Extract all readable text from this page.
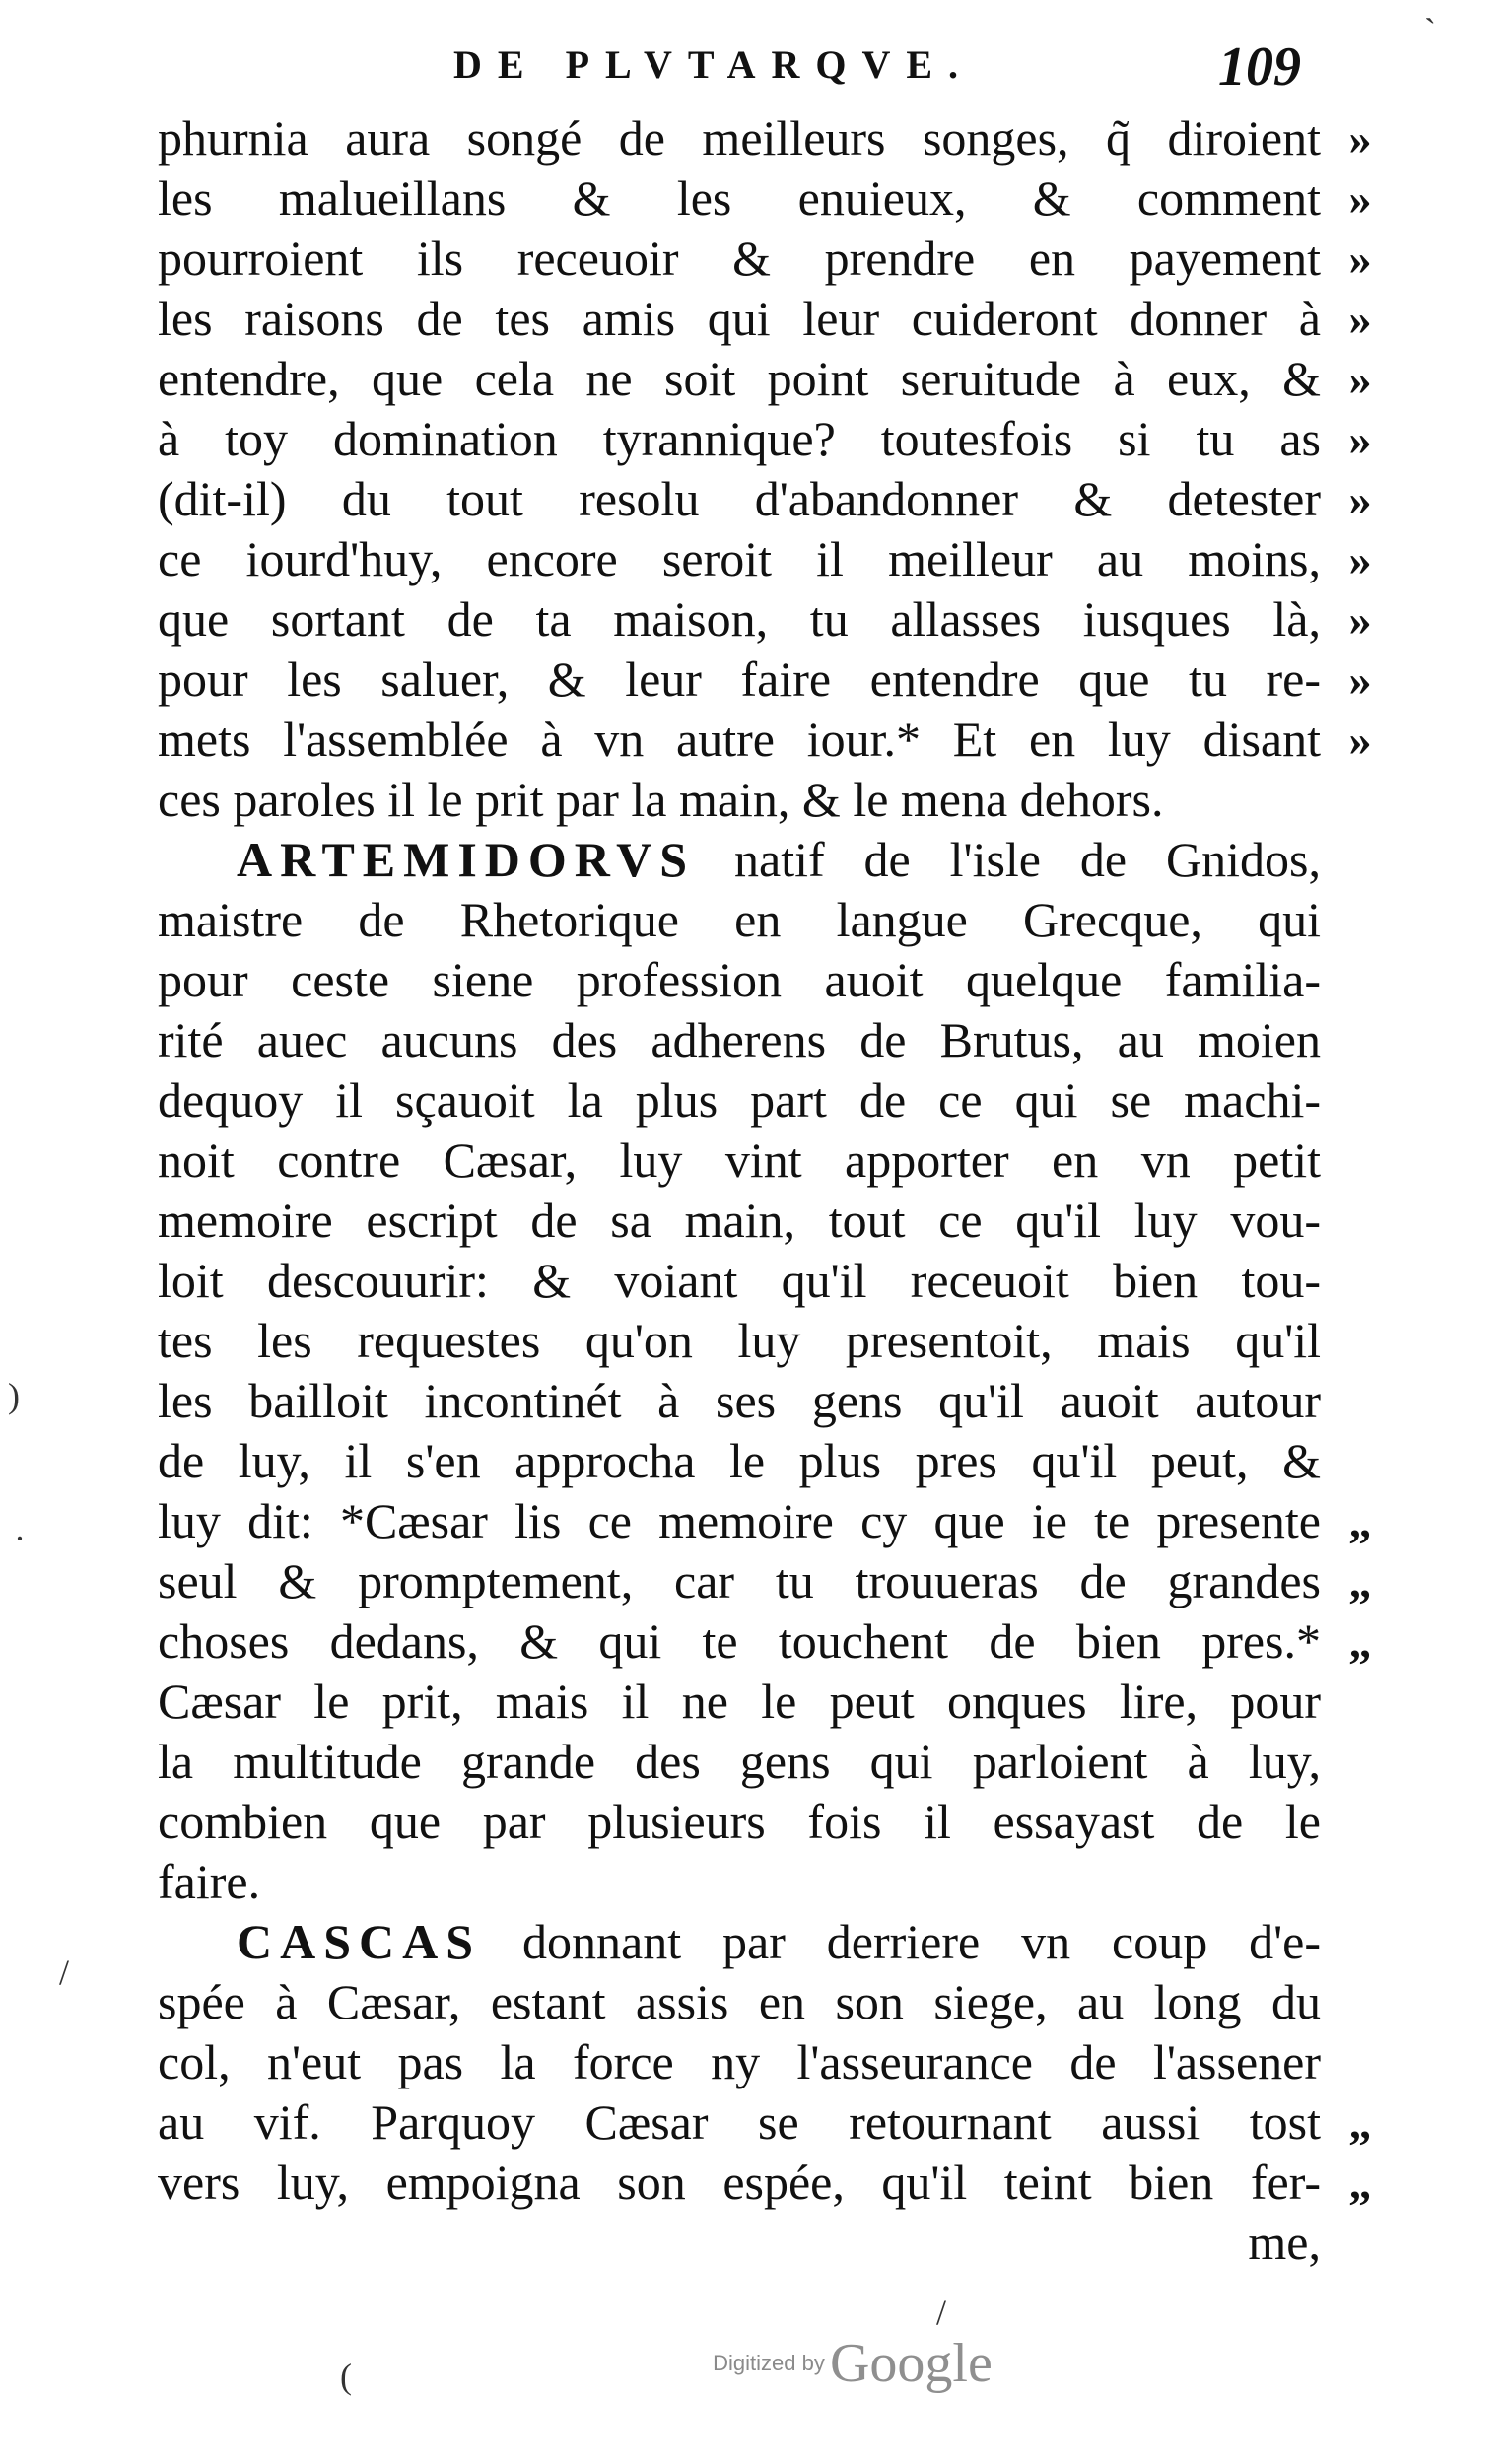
DE PLVTARQVE.	109
phurnia aura songé de meilleurs songes, q̃ diroient
les malueillans & les enuieux, & comment
pourroient ils receuoir & prendre en payement
les raisons de tes amis qui leur cuideront donner à
entendre, que cela ne soit point seruitude à eux, &
à toy domination tyrannique? toutesfois si tu as
(dit-il) du tout resolu d'abandonner & detester
ce iourd'huy, encore seroit il meilleur au moins,
que sortant de ta maison, tu allasses iusques là,
pour les saluer, & leur faire entendre que tu re-
mets l'assemblée à vn autre iour.* Et en luy disant
ces paroles il le prit par la main, & le mena dehors.
ARTEMIDORVS natif de l'isle de Gnidos,
maistre de Rhetorique en langue Grecque, qui
pour ceste siene profession auoit quelque familia-
rité auec aucuns des adherens de Brutus, au moien
dequoy il sçauoit la plus part de ce qui se machi-
noit contre Cæsar, luy vint apporter en vn petit
memoire escript de sa main, tout ce qu'il luy vou-
loit descouurir: & voiant qu'il receuoit bien tou-
tes les requestes qu'on luy presentoit, mais qu'il
les bailloit incontinét à ses gens qu'il auoit autour
de luy, il s'en approcha le plus pres qu'il peut, &
luy dit: *Cæsar lis ce memoire cy que ie te presente
seul & promptement, car tu trouueras de grandes
choses dedans, & qui te touchent de bien pres.*
Cæsar le prit, mais il ne le peut onques lire, pour
la multitude grande des gens qui parloient à luy,
combien que par plusieurs fois il essayast de le
faire.
CASCAS donnant par derriere vn coup d'e-
spée à Cæsar, estant assis en son siege, au long du
col, n'eut pas la force ny l'asseurance de l'assener
au vif. Parquoy Cæsar se retournant aussi tost
vers luy, empoigna son espée, qu'il teint bien fer-
me,
»
»
»
»
»
»
»
»
»
»
»
„
„
„
„
„
)
/
·
(
/
`
Digitized by Google
